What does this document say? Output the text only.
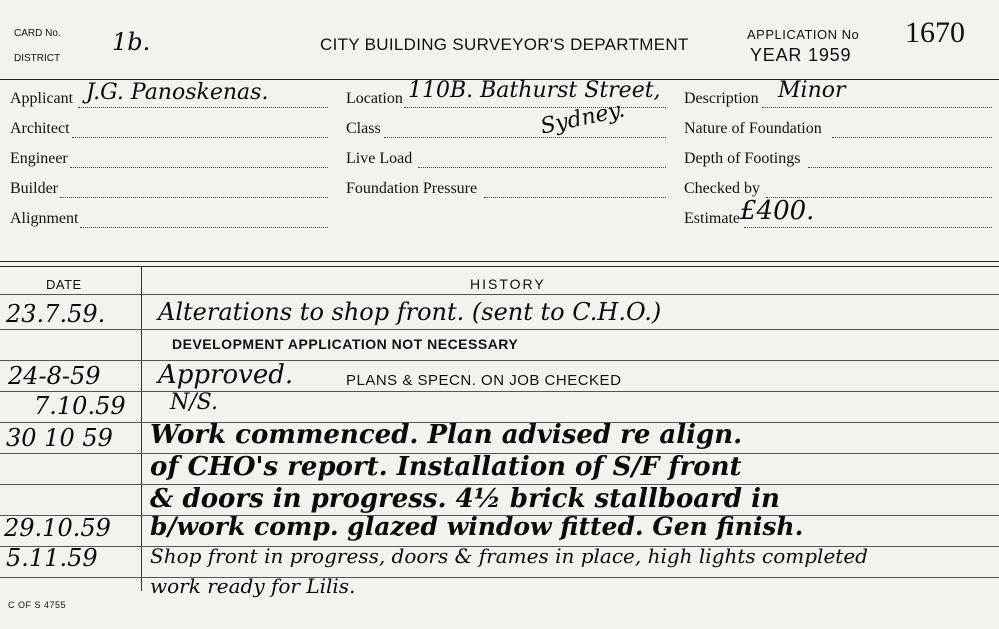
CARD No.
DISTRICT
1b.	CITY BUILDING SURVEYOR'S DEPARTMENT
APPLICATION No
YEAR 1959
1670
Applicant J.G. Panoskenas.
Architect
Engineer
Builder
Alignment
Location 110B. Bathurst Street,
Sydney.
Class
Live Load
Foundation Pressure
Description Minor
Nature of Foundation
Depth of Footings
Checked by
Estimate £400.
DATE	HISTORY
23.7.59. Alterations to shop front. (sent to C.H.O.)
DEVELOPMENT APPLICATION NOT NECESSARY
24-8-59 Approved.	PLANS & SPECN. ON JOB CHECKED
7.10.59 N/S.
30 10 59 Work commenced. Plan advised re align.
of CHO's report. Installation of S/F front
& doors in progress. 4½ brick stallboard in
29.10.59 b/work comp. glazed window fitted. Gen finish.
5.11.59	Shop front in progress, doors & frames in place, high lights completed
work ready for Lilis.
C OF S 4755
